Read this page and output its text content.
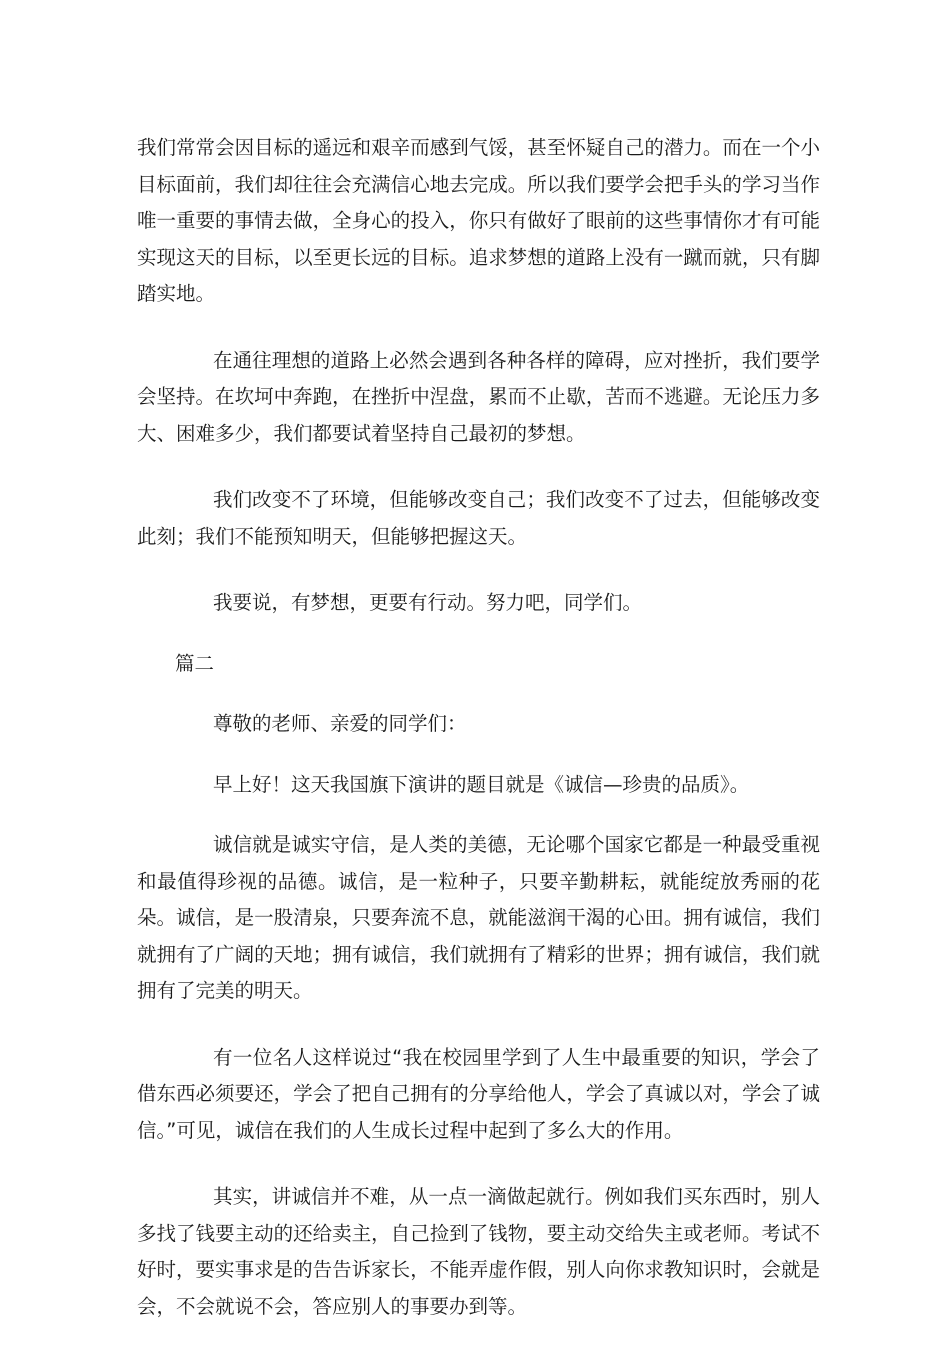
我们常常会因目标的遥远和艰辛而感到气馁，甚至怀疑自己的潜力。而在一个小目标面前，我们却往往会充满信心地去完成。所以我们要学会把手头的学习当作唯一重要的事情去做，全身心的投入，你只有做好了眼前的这些事情你才有可能实现这天的目标，以至更长远的目标。追求梦想的道路上没有一蹴而就，只有脚踏实地。

在通往理想的道路上必然会遇到各种各样的障碍，应对挫折，我们要学会坚持。在坎坷中奔跑，在挫折中涅盘，累而不止歇，苦而不逃避。无论压力多大、困难多少，我们都要试着坚持自己最初的梦想。

我们改变不了环境，但能够改变自己；我们改变不了过去，但能够改变此刻；我们不能预知明天，但能够把握这天。

我要说，有梦想，更要有行动。努力吧，同学们。

篇二

尊敬的老师、亲爱的同学们：

早上好！这天我国旗下演讲的题目就是《诚信—珍贵的品质》。

诚信就是诚实守信，是人类的美德，无论哪个国家它都是一种最受重视和最值得珍视的品德。诚信，是一粒种子，只要辛勤耕耘，就能绽放秀丽的花朵。诚信，是一股清泉，只要奔流不息，就能滋润干渴的心田。拥有诚信，我们就拥有了广阔的天地；拥有诚信，我们就拥有了精彩的世界；拥有诚信，我们就拥有了完美的明天。

有一位名人这样说过“我在校园里学到了人生中最重要的知识，学会了借东西必须要还，学会了把自己拥有的分享给他人，学会了真诚以对，学会了诚信。”可见，诚信在我们的人生成长过程中起到了多么大的作用。

其实，讲诚信并不难，从一点一滴做起就行。例如我们买东西时，别人多找了钱要主动的还给卖主，自己捡到了钱物，要主动交给失主或老师。考试不好时，要实事求是的告告诉家长，不能弄虚作假，别人向你求教知识时，会就是会，不会就说不会，答应别人的事要办到等。
